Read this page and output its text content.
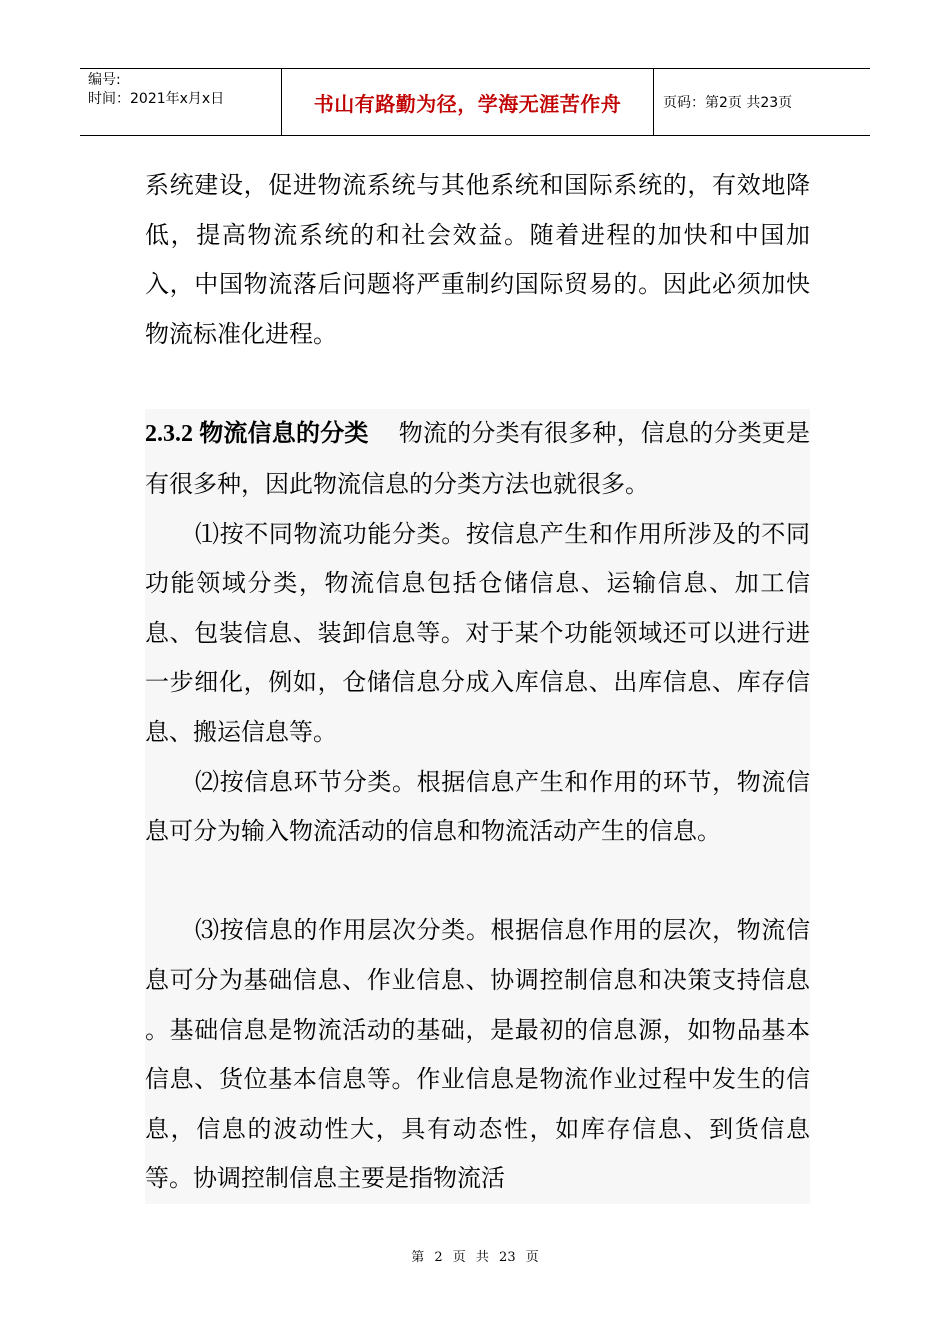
编号:
时间：2021年x月x日	书山有路勤为径，学海无涯苦作舟	页码：第2页 共23页

系统建设，促进物流系统与其他系统和国际系统的，有效地降低，提高物流系统的和社会效益。随着进程的加快和中国加入，中国物流落后问题将严重制约国际贸易的。因此必须加快物流标准化进程。

2.3.2 物流信息的分类 物流的分类有很多种，信息的分类更是有很多种，因此物流信息的分类方法也就很多。

⑴按不同物流功能分类。按信息产生和作用所涉及的不同功能领域分类，物流信息包括仓储信息、运输信息、加工信息、包装信息、装卸信息等。对于某个功能领域还可以进行进一步细化，例如，仓储信息分成入库信息、出库信息、库存信息、搬运信息等。

⑵按信息环节分类。根据信息产生和作用的环节，物流信息可分为输入物流活动的信息和物流活动产生的信息。

⑶按信息的作用层次分类。根据信息作用的层次，物流信息可分为基础信息、作业信息、协调控制信息和决策支持信息 。基础信息是物流活动的基础，是最初的信息源，如物品基本信息、货位基本信息等。作业信息是物流作业过程中发生的信息，信息的波动性大，具有动态性，如库存信息、到货信息等。协调控制信息主要是指物流活

第 2 页 共 23 页
